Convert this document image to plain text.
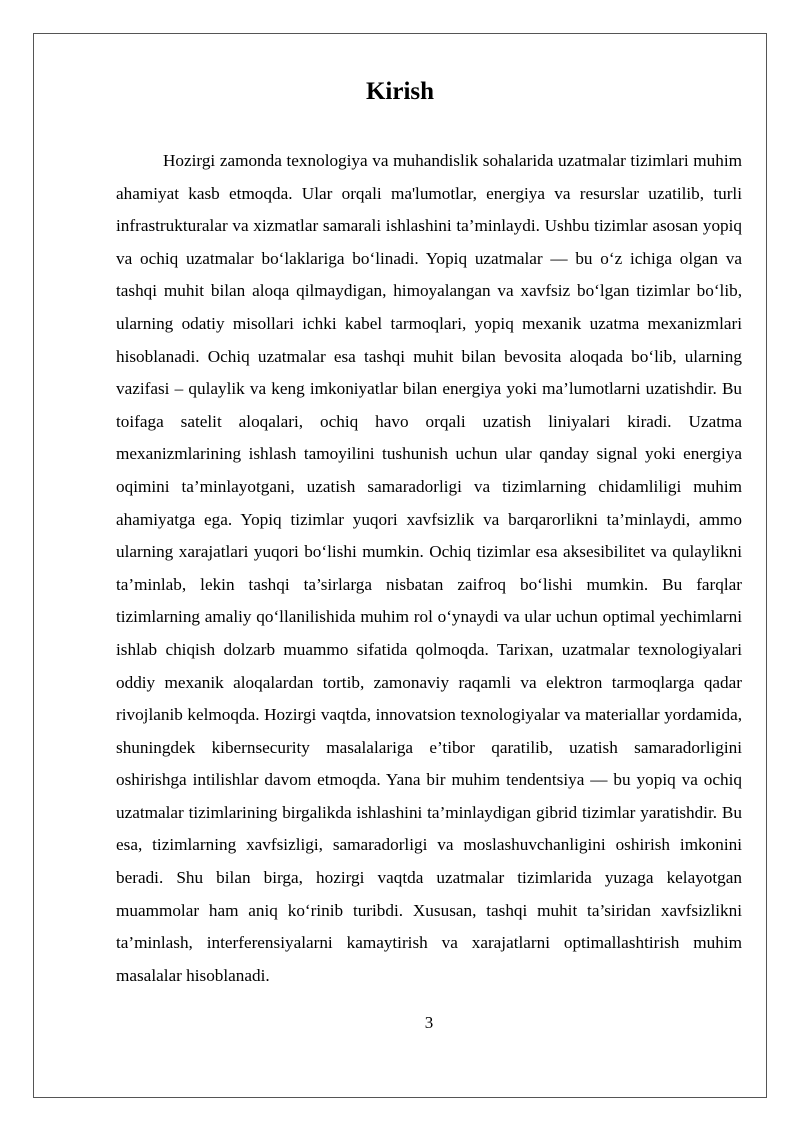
Kirish

Hozirgi zamonda texnologiya va muhandislik sohalarida uzatmalar tizimlari muhim ahamiyat kasb etmoqda. Ular orqali ma'lumotlar, energiya va resurslar uzatilib, turli infrastrukturalar va xizmatlar samarali ishlashini ta’minlaydi. Ushbu tizimlar asosan yopiq va ochiq uzatmalar bo‘laklariga bo‘linadi. Yopiq uzatmalar — bu o‘z ichiga olgan va tashqi muhit bilan aloqa qilmaydigan, himoyalangan va xavfsiz bo‘lgan tizimlar bo‘lib, ularning odatiy misollari ichki kabel tarmoqlari, yopiq mexanik uzatma mexanizmlari hisoblanadi. Ochiq uzatmalar esa tashqi muhit bilan bevosita aloqada bo‘lib, ularning vazifasi – qulaylik va keng imkoniyatlar bilan energiya yoki ma’lumotlarni uzatishdir. Bu toifaga satelit aloqalari, ochiq havo orqali uzatish liniyalari kiradi. Uzatma mexanizmlarining ishlash tamoyilini tushunish uchun ular qanday signal yoki energiya oqimini ta’minlayotgani, uzatish samaradorligi va tizimlarning chidamliligi muhim ahamiyatga ega. Yopiq tizimlar yuqori xavfsizlik va barqarorlikni ta’minlaydi, ammo ularning xarajatlari yuqori bo‘lishi mumkin. Ochiq tizimlar esa aksesibilitet va qulaylikni ta’minlab, lekin tashqi ta’sirlarga nisbatan zaifroq bo‘lishi mumkin. Bu farqlar tizimlarning amaliy qo‘llanilishida muhim rol o‘ynaydi va ular uchun optimal yechimlarni ishlab chiqish dolzarb muammo sifatida qolmoqda. Tarixan, uzatmalar texnologiyalari oddiy mexanik aloqalardan tortib, zamonaviy raqamli va elektron tarmoqlarga qadar rivojlanib kelmoqda. Hozirgi vaqtda, innovatsion texnologiyalar va materiallar yordamida, shuningdek kibernsecurity masalalariga e’tibor qaratilib, uzatish samaradorligini oshirishga intilishlar davom etmoqda. Yana bir muhim tendentsiya — bu yopiq va ochiq uzatmalar tizimlarining birgalikda ishlashini ta’minlaydigan gibrid tizimlar yaratishdir. Bu esa, tizimlarning xavfsizligi, samaradorligi va moslashuvchanligini oshirish imkonini beradi. Shu bilan birga, hozirgi vaqtda uzatmalar tizimlarida yuzaga kelayotgan muammolar ham aniq ko‘rinib turibdi. Xususan, tashqi muhit ta’siridan xavfsizlikni ta’minlash, interferensiyalarni kamaytirish va xarajatlarni optimallashtirish muhim masalalar hisoblanadi.

3
